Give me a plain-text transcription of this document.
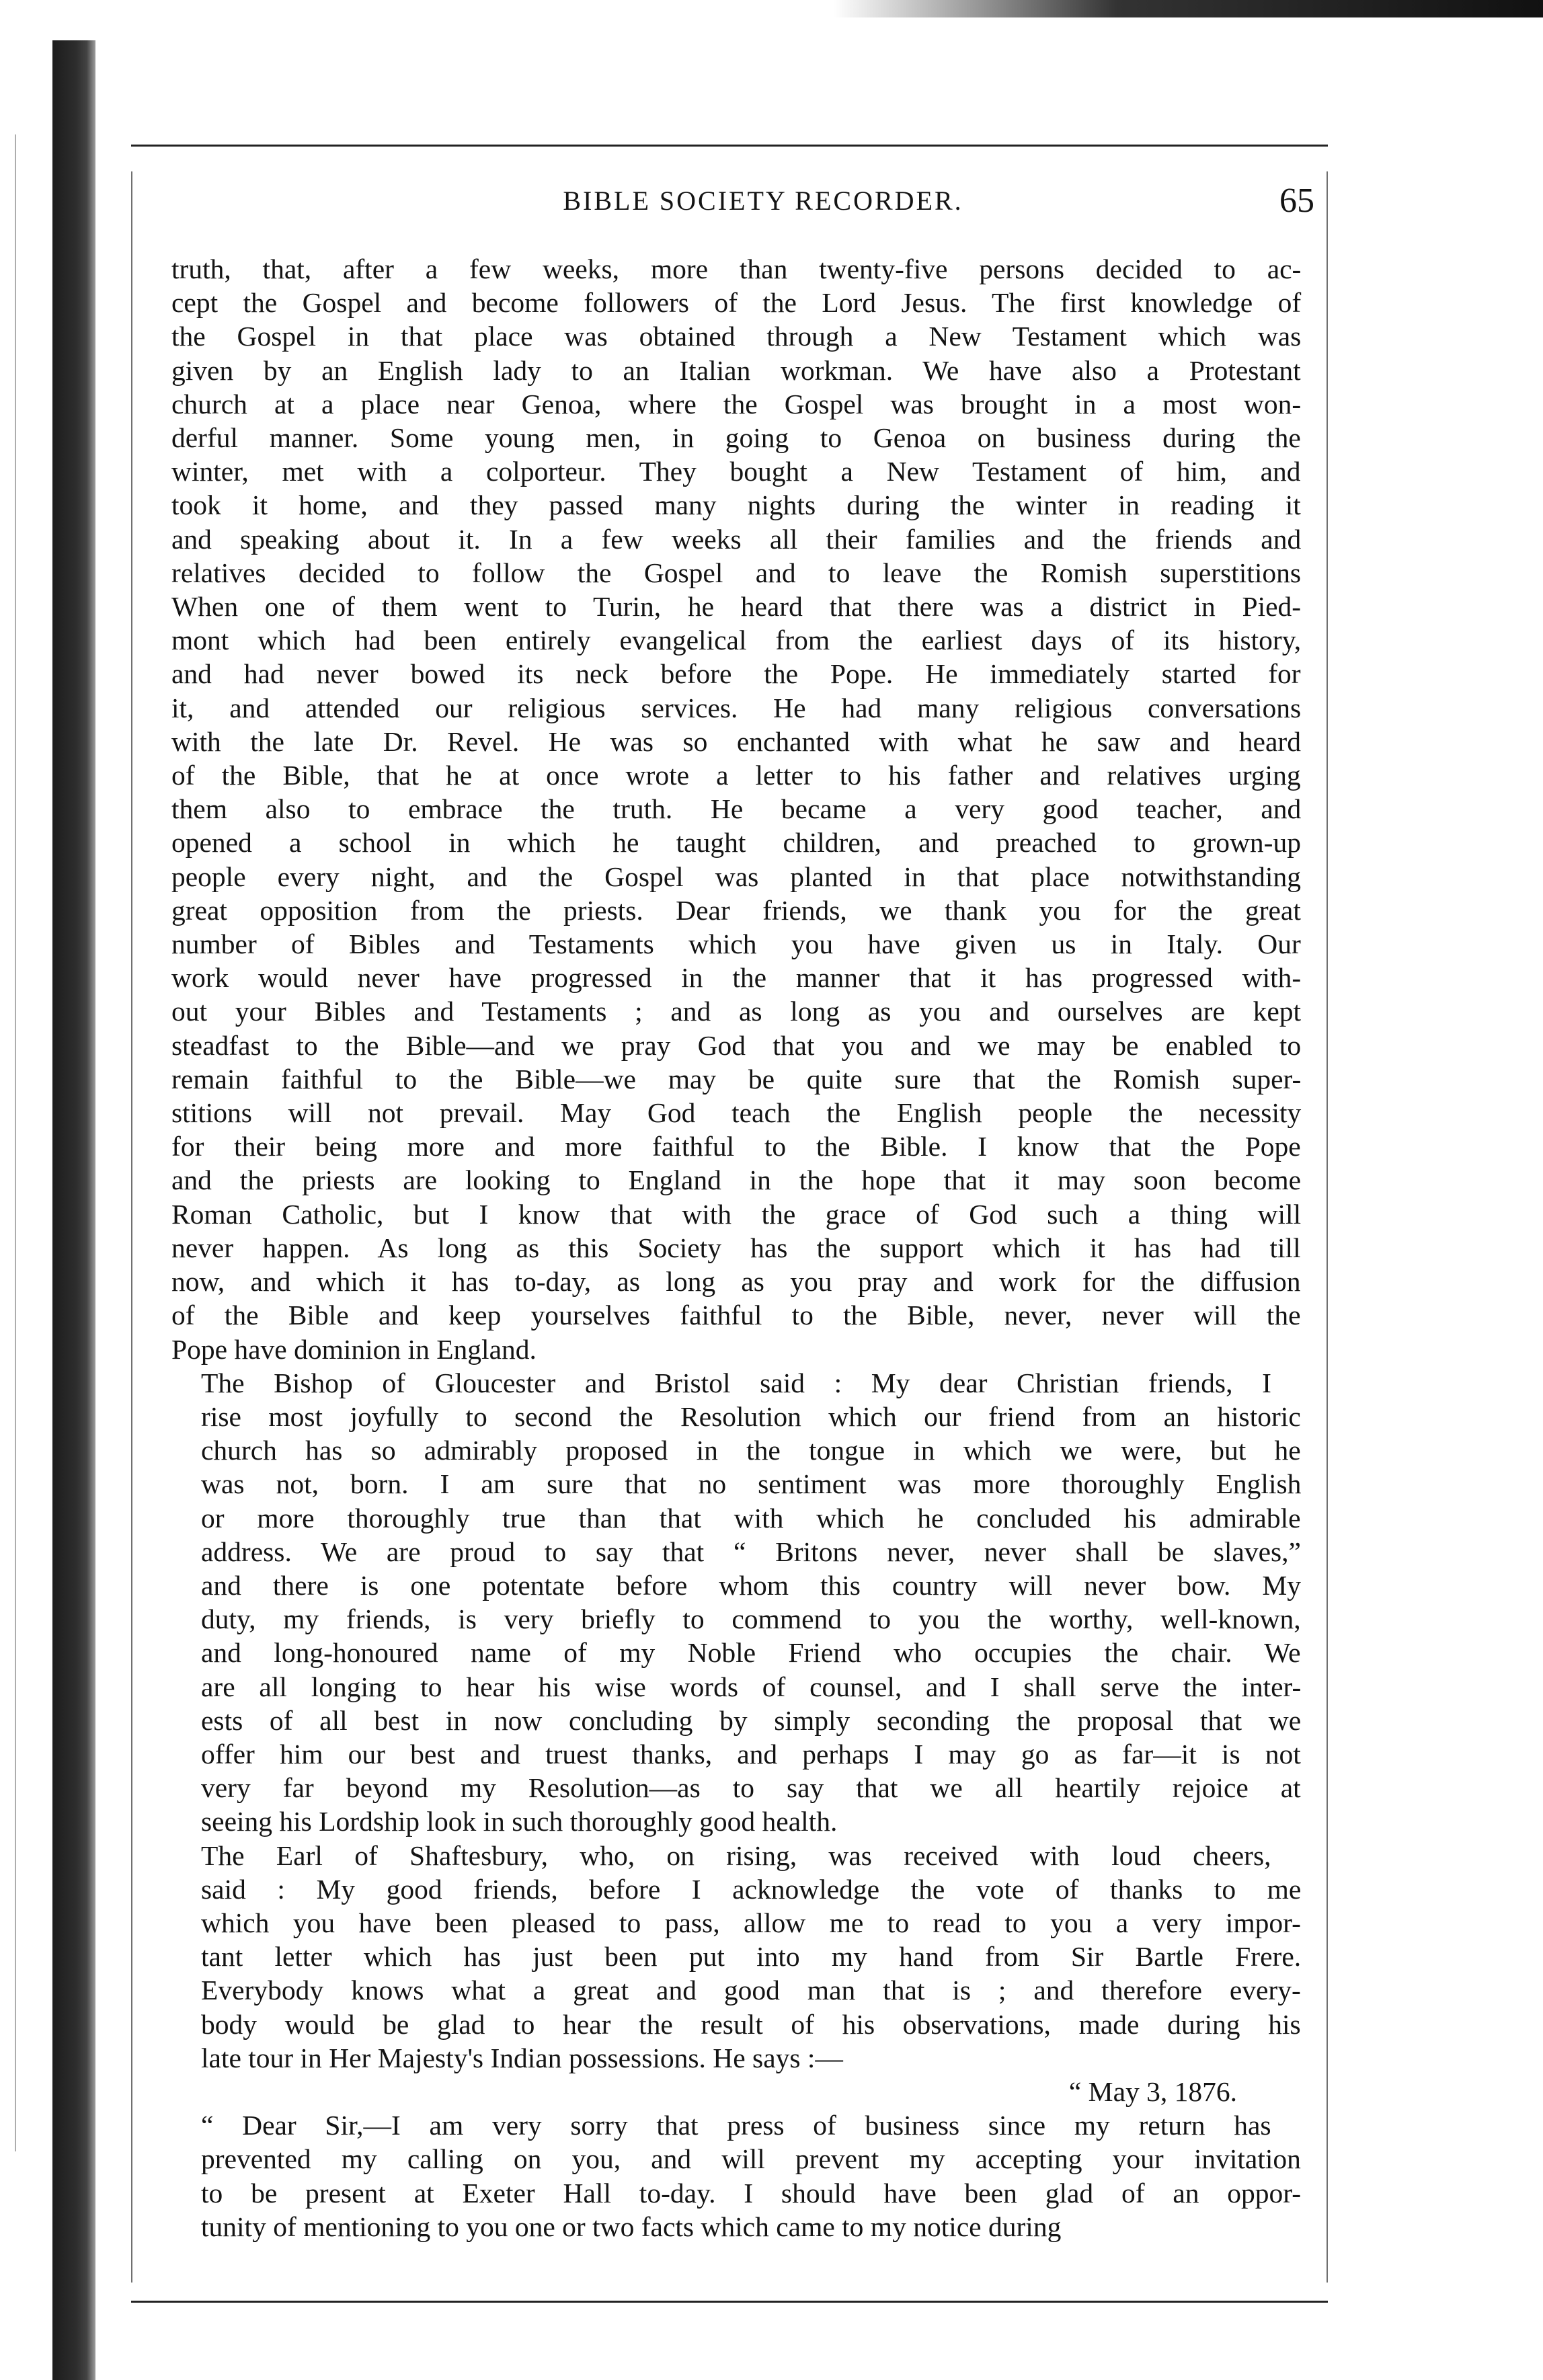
BIBLE SOCIETY RECORDER.	65

truth, that, after a few weeks, more than twenty-five persons decided to ac-
cept the Gospel and become followers of the Lord Jesus. The first knowledge of
the Gospel in that place was obtained through a New Testament which was
given by an English lady to an Italian workman. We have also a Protestant
church at a place near Genoa, where the Gospel was brought in a most won-
derful manner. Some young men, in going to Genoa on business during the
winter, met with a colporteur. They bought a New Testament of him, and
took it home, and they passed many nights during the winter in reading it
and speaking about it. In a few weeks all their families and the friends and
relatives decided to follow the Gospel and to leave the Romish superstitions
When one of them went to Turin, he heard that there was a district in Pied-
mont which had been entirely evangelical from the earliest days of its history,
and had never bowed its neck before the Pope. He immediately started for
it, and attended our religious services. He had many religious conversations
with the late Dr. Revel. He was so enchanted with what he saw and heard
of the Bible, that he at once wrote a letter to his father and relatives urging
them also to embrace the truth. He became a very good teacher, and
opened a school in which he taught children, and preached to grown-up
people every night, and the Gospel was planted in that place notwithstanding
great opposition from the priests. Dear friends, we thank you for the great
number of Bibles and Testaments which you have given us in Italy. Our
work would never have progressed in the manner that it has progressed with-
out your Bibles and Testaments ; and as long as you and ourselves are kept
steadfast to the Bible—and we pray God that you and we may be enabled to
remain faithful to the Bible—we may be quite sure that the Romish super-
stitions will not prevail. May God teach the English people the necessity
for their being more and more faithful to the Bible. I know that the Pope
and the priests are looking to England in the hope that it may soon become
Roman Catholic, but I know that with the grace of God such a thing will
never happen. As long as this Society has the support which it has had till
now, and which it has to-day, as long as you pray and work for the diffusion
of the Bible and keep yourselves faithful to the Bible, never, never will the
Pope have dominion in England.

The Bishop of Gloucester and Bristol said : My dear Christian friends, I
rise most joyfully to second the Resolution which our friend from an historic
church has so admirably proposed in the tongue in which we were, but he
was not, born. I am sure that no sentiment was more thoroughly English
or more thoroughly true than that with which he concluded his admirable
address. We are proud to say that “ Britons never, never shall be slaves,”
and there is one potentate before whom this country will never bow. My
duty, my friends, is very briefly to commend to you the worthy, well-known,
and long-honoured name of my Noble Friend who occupies the chair. We
are all longing to hear his wise words of counsel, and I shall serve the inter-
ests of all best in now concluding by simply seconding the proposal that we
offer him our best and truest thanks, and perhaps I may go as far—it is not
very far beyond my Resolution—as to say that we all heartily rejoice at
seeing his Lordship look in such thoroughly good health.

The Earl of Shaftesbury, who, on rising, was received with loud cheers,
said : My good friends, before I acknowledge the vote of thanks to me
which you have been pleased to pass, allow me to read to you a very impor-
tant letter which has just been put into my hand from Sir Bartle Frere.
Everybody knows what a great and good man that is ; and therefore every-
body would be glad to hear the result of his observations, made during his
late tour in Her Majesty's Indian possessions. He says :—

“ May 3, 1876.

“ Dear Sir,—I am very sorry that press of business since my return has
prevented my calling on you, and will prevent my accepting your invitation
to be present at Exeter Hall to-day. I should have been glad of an oppor-
tunity of mentioning to you one or two facts which came to my notice during
